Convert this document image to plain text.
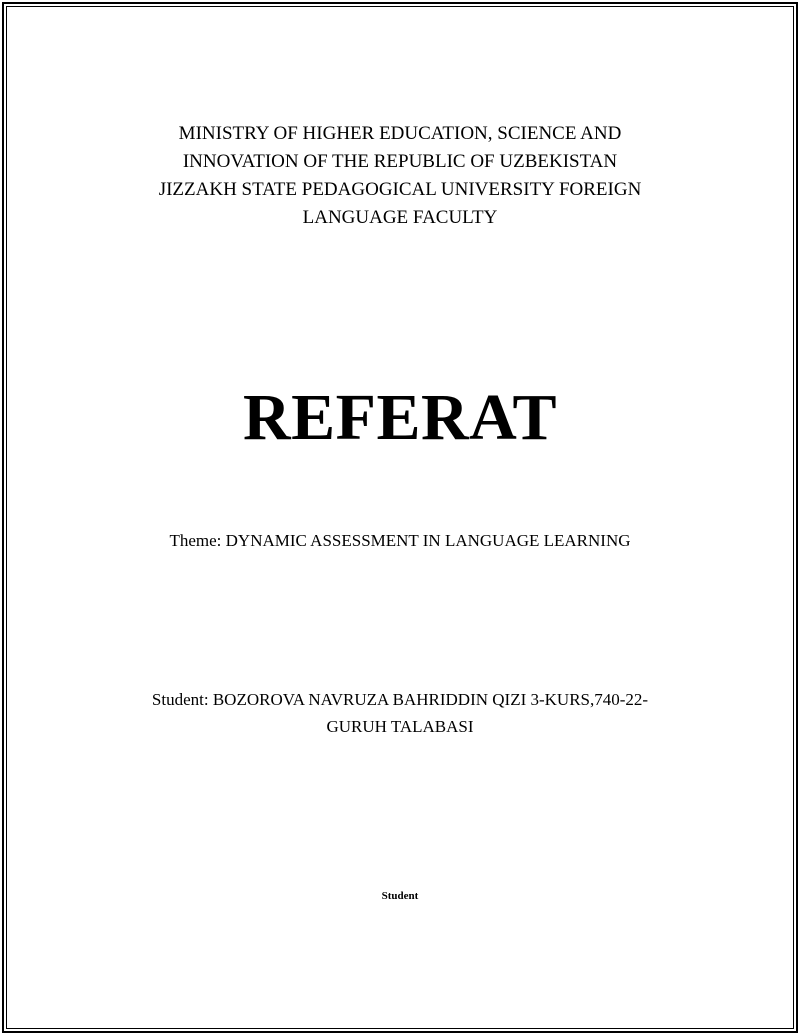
MINISTRY OF HIGHER EDUCATION, SCIENCE AND
INNOVATION OF THE REPUBLIC OF UZBEKISTAN
JIZZAKH STATE PEDAGOGICAL UNIVERSITY FOREIGN
LANGUAGE FACULTY
REFERAT
Theme: DYNAMIC ASSESSMENT IN LANGUAGE LEARNING
Student: BOZOROVA NAVRUZA BAHRIDDIN QIZI 3-KURS,740-22-
GURUH TALABASI
Student
